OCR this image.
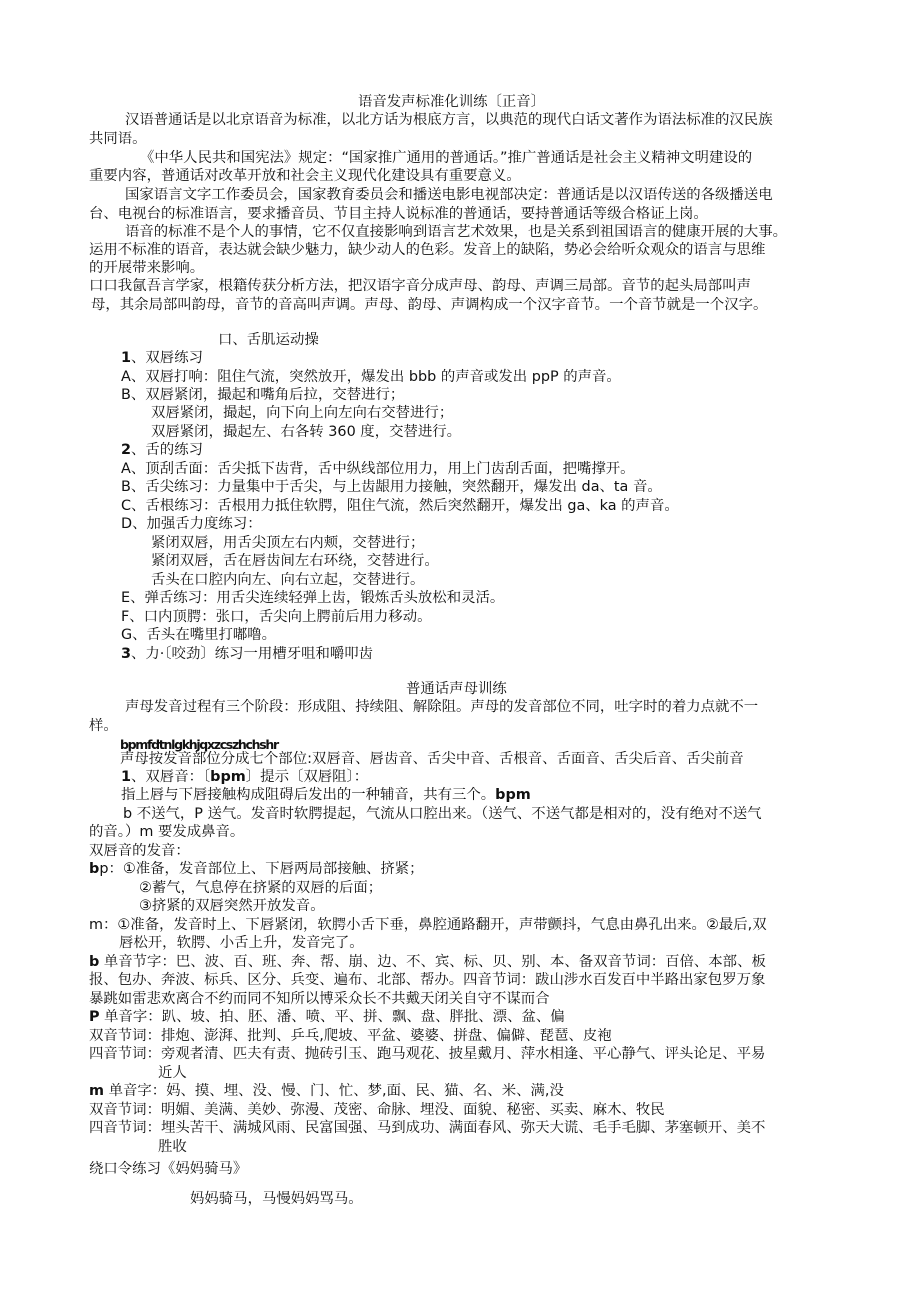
语音发声标准化训练〔正音〕
汉语普通话是以北京语音为标准，以北方话为根底方言，以典范的现代白话文著作为语法标准的汉民族
共同语。
《中华人民共和国宪法》规定：“国家推广通用的普通话。”推广普通话是社会主义精神文明建设的
重要内容，普通话对改革开放和社会主义现代化建设具有重要意义。
国家语言文字工作委员会，国家教育委员会和播送电影电视部决定：普通话是以汉语传送的各级播送电
台、电视台的标准语言，要求播音员、节目主持人说标准的普通话，要持普通话等级合格证上岗。
语音的标准不是个人的事情，它不仅直接影响到语言艺术效果，也是关系到祖国语言的健康开展的大事。
运用不标准的语音，表达就会缺少魅力，缺少动人的色彩。发音上的缺陷，势必会给听众观众的语言与思维
的开展带来影响。
口口我氤吾言学家，根籍传获分析方法，把汉语字音分成声母、韵母、声调三局部。音节的起头局部叫声
母，其余局部叫韵母，音节的音高叫声调。声母、韵母、声调构成一个汉字音节。一个音节就是一个汉字。
口、舌肌运动操
1、双唇练习
A、双唇打响：阻住气流，突然放开，爆发出 bbb 的声音或发出 ppP 的声音。
B、双唇紧闭，撮起和嘴角后拉，交替进行；
双唇紧闭，撮起，向下向上向左向右交替进行；
双唇紧闭，撮起左、右各转 360 度，交替进行。
2、舌的练习
A、顶刮舌面：舌尖抵下齿背，舌中纵线部位用力，用上门齿刮舌面，把嘴撑开。
B、舌尖练习：力量集中于舌尖，与上齿龈用力接触，突然翻开，爆发出 da、ta 音。
C、舌根练习：舌根用力抵住软腭，阻住气流，然后突然翻开，爆发出 ga、ka 的声音。
D、加强舌力度练习：
紧闭双唇，用舌尖顶左右内颊，交替进行；
紧闭双唇，舌在唇齿间左右环绕，交替进行。
舌头在口腔内向左、向右立起，交替进行。
E、弹舌练习：用舌尖连续轻弹上齿，锻炼舌头放松和灵活。
F、口内顶腭：张口，舌尖向上腭前后用力移动。
G、舌头在嘴里打嘟噜。
3、力·〔咬劲〕练习一用槽牙咀和嚼叩齿
普通话声母训练
声母发音过程有三个阶段：形成阻、持续阻、解除阻。声母的发音部位不同，吐字时的着力点就不一
样。
bpmfdtnlgkhjqxzcszhchshr
声母按发音部位分成七个部位:双唇音、唇齿音、舌尖中音、舌根音、舌面音、舌尖后音、舌尖前音
1、双唇音：〔bpm〕提示〔双唇阻〕：
指上唇与下唇接触构成阻碍后发出的一种辅音，共有三个。bpm
b 不送气，P 送气。发音时软腭提起，气流从口腔出来。（送气、不送气都是相对的，没有绝对不送气
的音。）m 要发成鼻音。
双唇音的发音：
bp：①准备，发音部位上、下唇两局部接触、挤紧；
②蓄气，气息停在挤紧的双唇的后面；
③挤紧的双唇突然开放发音。
m：①准备，发音时上、下唇紧闭，软腭小舌下垂，鼻腔通路翻开，声带颤抖，气息由鼻孔出来。②最后,双
唇松开，软腭、小舌上升，发音完了。
b 单音节字：巴、波、百、班、奔、帮、崩、边、不、宾、标、贝、别、本、备双音节词：百倍、本部、板
报、包办、奔波、标兵、区分、兵变、遍布、北部、帮办。四音节词：跋山涉水百发百中半路出家包罗万象
暴跳如雷悲欢离合不约而同不知所以博采众长不共戴天闭关自守不谋而合
P 单音字：趴、坡、拍、胚、潘、喷、平、拼、飘、盘、胖批、漂、盆、偏
双音节词：排炮、澎湃、批判、乒乓,爬坡、平盆、婆婆、拼盘、偏僻、琵琶、皮袍
四音节词：旁观者清、匹夫有责、抛砖引玉、跑马观花、披星戴月、萍水相逢、平心静气、评头论足、平易
近人
m 单音字：妈、摸、埋、没、慢、门、忙、梦,面、民、猫、名、米、满,没
双音节词：明媚、美满、美妙、弥漫、茂密、命脉、埋没、面貌、秘密、买卖、麻木、牧民
四音节词：埋头苦干、满城风雨、民富国强、马到成功、满面春风、弥天大谎、毛手毛脚、茅塞顿开、美不
胜收
绕口令练习《妈妈骑马》
妈妈骑马，马慢妈妈骂马。
